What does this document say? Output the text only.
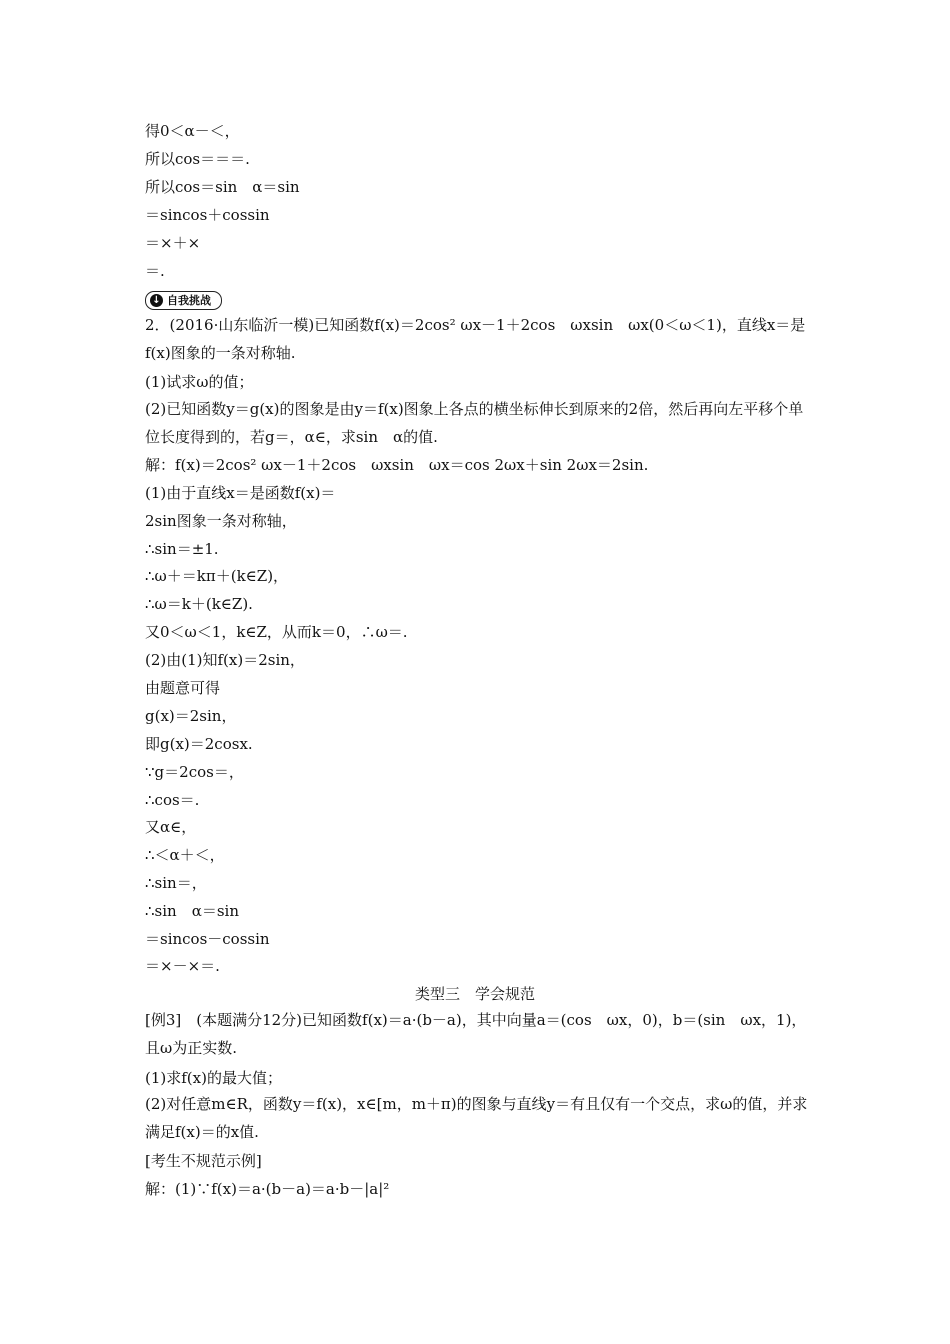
得0＜α－＜，
所以cos＝＝＝.
所以cos＝sin　α＝sin
＝sincos＋cossin
＝×＋×
＝.
↓ 自我挑战
2．(2016·山东临沂一模)已知函数f(x)＝2cos² ωx－1＋2cos　ωxsin　ωx(0＜ω＜1)，直线x＝是f(x)图象的一条对称轴.
(1)试求ω的值；
(2)已知函数y＝g(x)的图象是由y＝f(x)图象上各点的横坐标伸长到原来的2倍，然后再向左平移个单位长度得到的，若g＝，α∈，求sin　α的值.
解：f(x)＝2cos² ωx－1＋2cos　ωxsin　ωx＝cos 2ωx＋sin 2ωx＝2sin.
(1)由于直线x＝是函数f(x)＝
2sin图象一条对称轴，
∴sin＝±1.
∴ω＋＝kπ＋(k∈Z)，
∴ω＝k＋(k∈Z).
又0＜ω＜1，k∈Z，从而k＝0，∴ω＝.
(2)由(1)知f(x)＝2sin，
由题意可得
g(x)＝2sin，
即g(x)＝2cosx.
∵g＝2cos＝，
∴cos＝.
又α∈，
∴＜α＋＜，
∴sin＝，
∴sin　α＝sin
＝sincos－cossin
＝×－×＝.
类型三　学会规范
[例3]　(本题满分12分)已知函数f(x)＝a·(b－a)，其中向量a＝(cos　ωx，0)，b＝(sin　ωx，1)，且ω为正实数.
(1)求f(x)的最大值；
(2)对任意m∈R，函数y＝f(x)，x∈[m，m＋π)的图象与直线y＝有且仅有一个交点，求ω的值，并求满足f(x)＝的x值.
[考生不规范示例]
解：(1)∵f(x)＝a·(b－a)＝a·b－|a|²
